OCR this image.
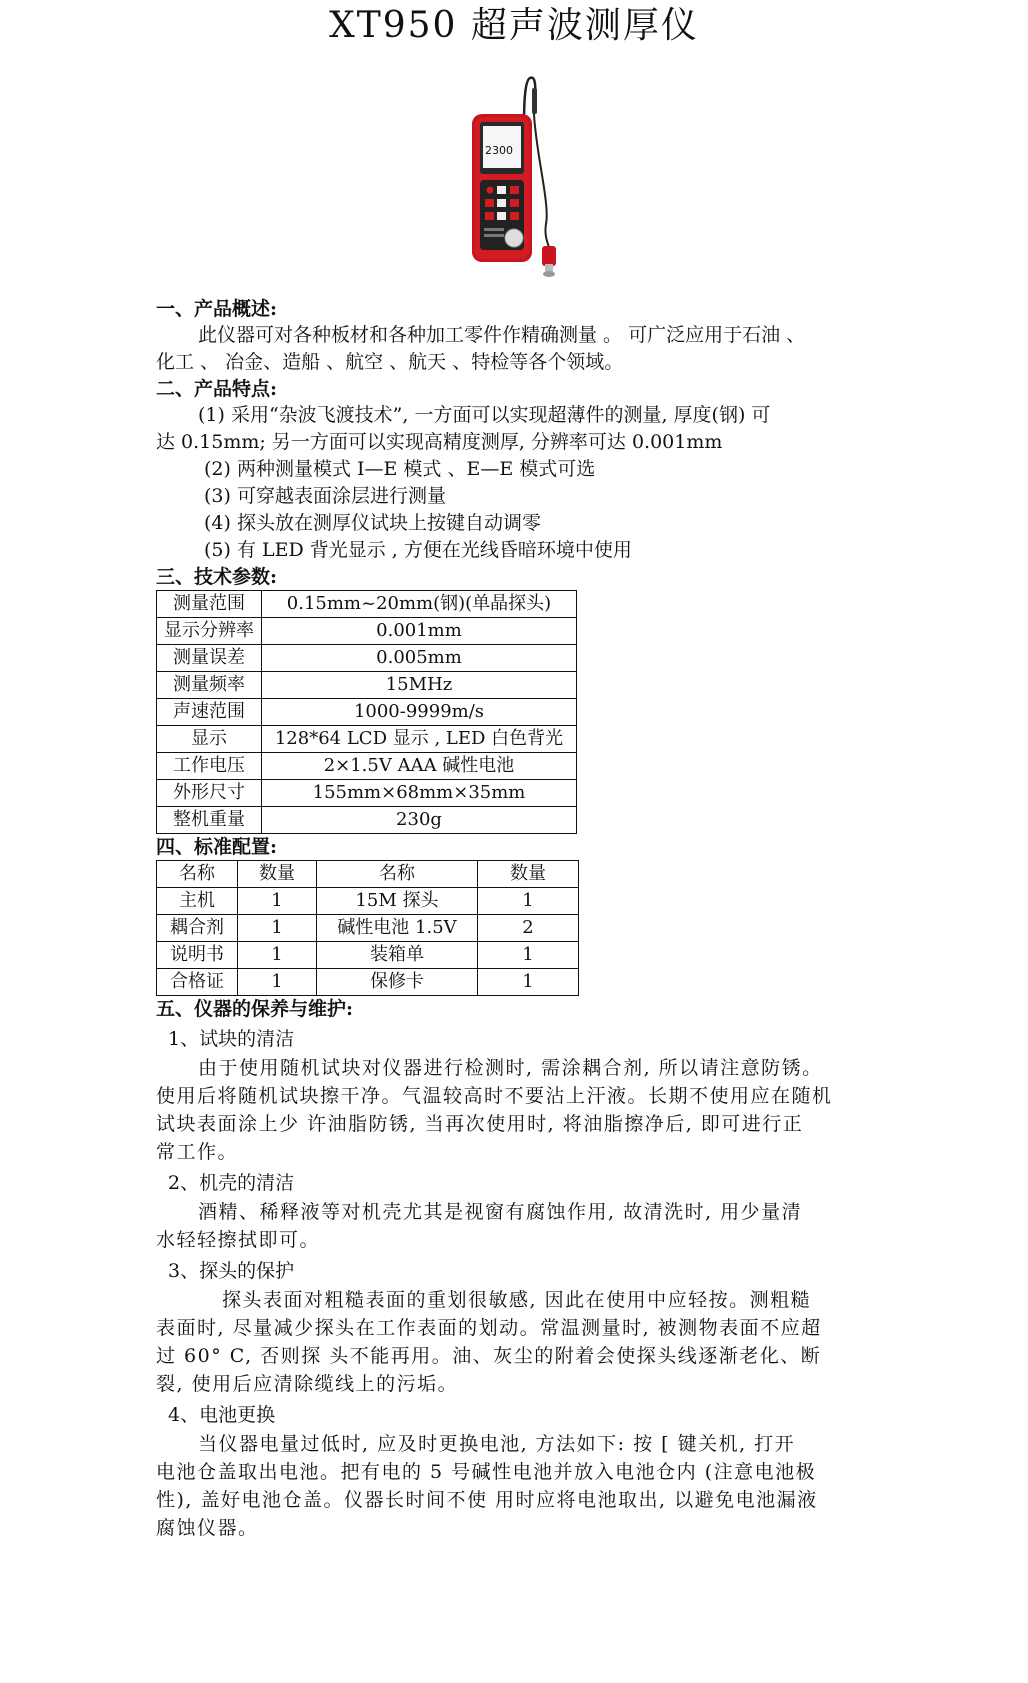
XT950 超声波测厚仪
2300
一、产品概述:
此仪器可对各种板材和各种加工零件作精确测量 。 可广泛应用于石油 、
化工 、 冶金、造船 、航空 、航天 、特检等各个领域。
二、产品特点:
(1) 采用“杂波飞渡技术”, 一方面可以实现超薄件的测量, 厚度(钢) 可
达 0.15mm; 另一方面可以实现高精度测厚, 分辨率可达 0.001mm
(2) 两种测量模式 I—E 模式 、E—E 模式可选
(3) 可穿越表面涂层进行测量
(4) 探头放在测厚仪试块上按键自动调零
(5) 有 LED 背光显示 , 方便在光线昏暗环境中使用
三、技术参数:
测量范围	0.15mm~20mm(钢)(单晶探头)
显示分辨率	0.001mm
测量误差	0.005mm
测量频率	15MHz
声速范围	1000-9999m/s
显示	128*64 LCD 显示 , LED 白色背光
工作电压	2×1.5V AAA 碱性电池
外形尺寸	155mm×68mm×35mm
整机重量	230g
四、标准配置:
名称	数量	名称	数量
主机	1	15M 探头	1
耦合剂	1	碱性电池 1.5V	2
说明书	1	装箱单	1
合格证	1	保修卡	1
五、仪器的保养与维护:
1、试块的清洁
由于使用随机试块对仪器进行检测时, 需涂耦合剂, 所以请注意防锈。
使用后将随机试块擦干净。气温较高时不要沾上汗液。长期不使用应在随机
试块表面涂上少 许油脂防锈, 当再次使用时, 将油脂擦净后, 即可进行正
常工作。
2、机壳的清洁
酒精、稀释液等对机壳尤其是视窗有腐蚀作用, 故清洗时, 用少量清
水轻轻擦拭即可。
3、探头的保护
探头表面对粗糙表面的重划很敏感, 因此在使用中应轻按。测粗糙
表面时, 尽量减少探头在工作表面的划动。常温测量时, 被测物表面不应超
过 60° C, 否则探 头不能再用。油、灰尘的附着会使探头线逐渐老化、断
裂, 使用后应清除缆线上的污垢。
4、电池更换
当仪器电量过低时, 应及时更换电池, 方法如下: 按 [ 键关机, 打开
电池仓盖取出电池。把有电的 5 号碱性电池并放入电池仓内 (注意电池极
性), 盖好电池仓盖。仪器长时间不使 用时应将电池取出, 以避免电池漏液
腐蚀仪器。
